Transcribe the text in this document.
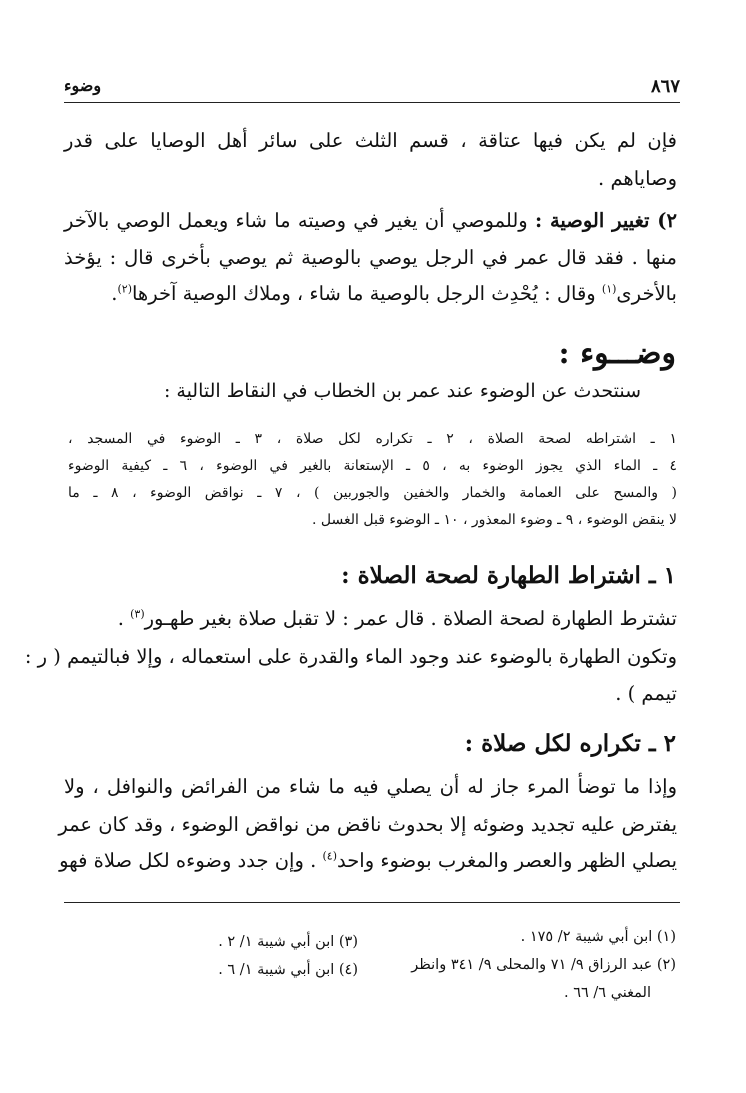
٨٦٧
وضوء
فإن لم يكن فيها عتاقة ، قسم الثلث على سائر أهل الوصايا على قدر
وصاياهم .
٢) تغيير الوصية : وللموصي أن يغير في وصيته ما شاء ويعمل الوصي بالآخر
منها . فقد قال عمر في الرجل يوصي بالوصية ثم يوصي بأخرى قال : يؤخذ
بالأخرى$^{(١)}$ وقال : يُحْدِث الرجل بالوصية ما شاء ، وملاك الوصية آخرها$^{(٢)}$.
وضـــوء :
سنتحدث عن الوضوء عند عمر بن الخطاب في النقاط التالية :
١ ـ اشتراطه لصحة الصلاة ، ٢ ـ تكراره لكل صلاة ، ٣ ـ الوضوء في المسجد ،
٤ ـ الماء الذي يجوز الوضوء به ، ٥ ـ الإستعانة بالغير في الوضوء ، ٦ ـ كيفية الوضوء
( والمسح على العمامة والخمار والخفين والجوربين ) ، ٧ ـ نواقض الوضوء ، ٨ ـ ما
لا ينقض الوضوء ، ٩ ـ وضوء المعذور ، ١٠ ـ الوضوء قبل الغسل .
١ ـ اشتراط الطهارة لصحة الصلاة :
تشترط الطهارة لصحة الصلاة . قال عمر : لا تقبل صلاة بغير طهـور$^{(٣)}$ .
وتكون الطهارة بالوضوء عند وجود الماء والقدرة على استعماله ، وإلا فبالتيمم ( ر :
تيمم ) .
٢ ـ تكراره لكل صلاة :
وإذا ما توضأ المرء جاز له أن يصلي فيه ما شاء من الفرائض والنوافل ، ولا
يفترض عليه تجديد وضوئه إلا بحدوث ناقض من نواقض الوضوء ، وقد كان عمر
يصلي الظهر والعصر والمغرب بوضوء واحد$^{(٤)}$ . وإن جدد وضوءه لكل صلاة فهو
(١) ابن أبي شيبة ٢/ ١٧٥ .
(٢) عبد الرزاق ٩/ ٧١ والمحلى ٩/ ٣٤١ وانظر
المغني ٦/ ٦٦ .
(٣) ابن أبي شيبة ١/ ٢ .
(٤) ابن أبي شيبة ١/ ٦ .
